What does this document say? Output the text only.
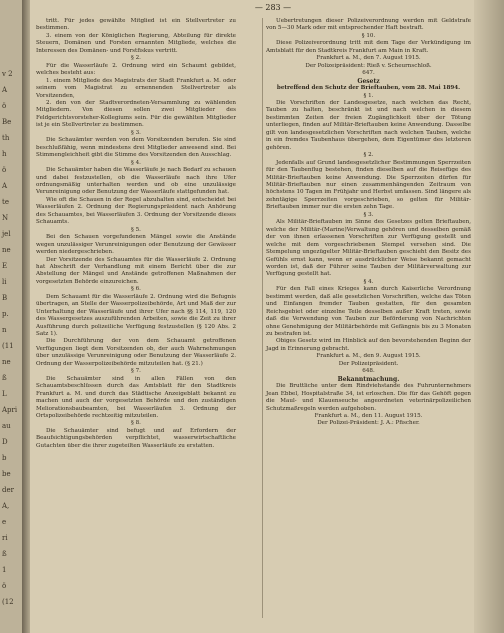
v 2
A
ö
Be
th
h
ö
A
te
N
jel
ne
E
li
B
p.
n
(11
ne
ß
L
Apri
au
D
b
be
der
A,
e
ri
ß
1
ö
(12
— 283 —

tritt. Für jedes gewählte Mitglied ist ein Stellvertreter zu bestimmen.

3. einem von der Königlichen Regierung, Abteilung für direkte Steuern, Domänen und Forsten ernannten Mitgliede, welches die Interessen des Domänen- und Forstfiskus vertritt.

§ 2.

Für die Wasserläufe 2. Ordnung wird ein Schaumt gebildet, welches besteht aus:

1. einem Mitgliede des Magistrats der Stadt Frankfurt a. M. oder seinem vom Magistrat zu ernennenden Stellvertreter als Vorsitzenden,

2. den von der Stadtverordneten-Versammlung zu wählenden Mitgliedern. Von diesen sollen zwei Mitglieder des Feldgerichtsvorsteher-Kollegiums sein. Für die gewählten Mitglieder ist je ein Stellvertreter zu bestimmen.

§ 3.

Die Schauämter werden von dem Vorsitzenden berufen. Sie sind beschlußfähig, wenn mindestens drei Mitglieder anwesend sind. Bei Stimmengleichheit gibt die Stimme des Vorsitzenden den Ausschlag.

§ 4.

Die Schauämter haben die Wasserläufe je nach Bedarf zu schauen und dabei festzustellen, ob die Wasserläufe nach ihre Ufer ordnungsmäßig unterhalten werden und ob eine unzulässige Verunreinigung oder Benutzung der Wasserläufe stattgefunden hat.

Wie oft die Schauen in der Regel abzuhalten sind, entscheidet bei Wasserläufen 2. Ordnung der Regierungspräsident nach Anhörung des Schauamtes, bei Wasserläufen 3. Ordnung der Vorsitzende dieses Schauamts.

§ 5.

Bei den Schauen vorgefundenen Mängel sowie die Anstände wegen unzulässiger Verunreinigungen oder Benutzung der Gewässer werden niedergeschrieben.

Der Vorsitzende des Schauamtes für die Wasserläufe 2. Ordnung hat Abschrift der Verhandlung mit einem Bericht über die zur Abstellung der Mängel und Anstände getroffenen Maßnahmen der vorgesetzten Behörde einzureichen.

§ 6.

Dem Schauamt für die Wasserläufe 2. Ordnung wird die Befugnis übertragen, an Stelle der Wasserpolizeibehörde, Art und Maß der zur Unterhaltung der Wasserläufe und ihrer Ufer nach §§ 114, 119, 120 des Wassergesetzes auszuführenden Arbeiten, sowie die Zeit zu ihrer Ausführung durch polizeiliche Verfügung festzustellen (§ 120 Abs. 2 Satz 1).

Die Durchführung der von dem Schauamt getroffenen Verfügungen liegt dem Vorsitzenden ob, der auch Wahrnehmungen über unzulässige Verunreinigung oder Benutzung der Wasserläufe 2. Ordnung der Wasserpolizeibehörde mitzuteilen hat. (§ 21.)

§ 7.

Die Schauämter sind in allen Fällen von den Schauamtsbeschlüssen durch das Amtsblatt für den Stadtkreis Frankfurt a. M. und durch das Städtische Anzeigeblatt bekannt zu machen und auch der vorgesetzten Behörde und den zuständigen Meliorationsbaubeamten, bei Wasserläufen 3. Ordnung der Ortspolizeibehörde rechtzeitig mitzuteilen.

§ 8.

Die Schauämter sind befugt und auf Erfordern der Beaufsichtigungsbehörden verpflichtet, wasserwirtschaftliche Gutachten über die ihrer zugeteilten Wasserläufe zu erstatten.

Uebertretungen dieser Polizeiverordnung werden mit Geldstrafe von 5—30 Mark oder mit entsprechender Haft bestraft.

§ 10.

Diese Polizeiverordnung tritt mit dem Tage der Verkündigung im Amtsblatt für den Stadtkreis Frankfurt am Main in Kraft.

Frankfurt a. M., den 7. August 1915.

Der Polizeipräsident: Rieß v. Scheurnschloß.

647.

Gesetz

betreffend den Schutz der Brieftauben, vom 28. Mai 1894.

§ 1.

Die Vorschriften der Landesgesetze, nach welchen das Recht, Tauben zu halten, beschränkt ist und nach welchen in diesem bestimmten Zeiten der freien Zugänglichkeit über der Tötung unterliegen, finden auf Militär-Brieftauben keine Anwendung. Dasselbe gilt von landesgesetzlichen Vorschriften nach welchen Tauben, welche in ein fremdes Taubenhaus übergehen, dem Eigentümer des letzteren gehören.

§ 2.

Jedenfalls auf Grund landesgesetzlicher Bestimmungen Sperrzeiten für den Taubenflug bestehen, finden dieselben auf die Reisefüge des Militär-Brieftauben keine Anwendung. Die Sperrzeiten dürfen für Militär-Brieftauben nur einen zusammenhängenden Zeitraum von höchstens 10 Tagen im Frühjahr und Herbst umfassen. Sind längere als zehntägige Sperrzeiten vorgeschrieben, so gelten für Militär-Brieftauben immer nur die ersten zehn Tage.

§ 3.

Als Militär-Brieftauben im Sinne des Gesetzes gelten Brieftauben, welche der Militär-(Marine)Verwaltung gehören und desselben gemäß der von ihnen erlassenen Vorschriften zur Verfügung gestellt und welche mit dem vorgeschriebenen Stempel versehen sind. Die Stempelung ungezügelter Militär-Brieftauben geschieht den Besitz des Gefühls ernst kann, wenn er ausdrücklicher Weise bekannt gemacht worden ist, daß der Führer seine Tauben der Militärverwaltung zur Verfügung gestellt hat.

§ 4.

Für den Fall eines Krieges kann durch Kaiserliche Verordnung bestimmt werden, daß alle gesetzlichen Vorschriften, welche das Töten und Einfangen fremder Tauben gestatten, für den gesamten Reichsgebiet oder einzelne Teile desselben außer Kraft treten, sowie daß die Verwendung von Tauben zur Beförderung von Nachrichten ohne Genehmigung der Militärbehörde mit Gefängnis bis zu 3 Monaten zu bestrafen ist.

Obiges Gesetz wird im Hinblick auf den bevorstehenden Beginn der Jagd in Erinnerung gebracht.

Frankfurt a. M., den 9. August 1915.

Der Polizeipräsident.

648.

Bekanntmachung.

Die Bruttliche unter dem Rindviehstande des Fuhrunternehmers Jean Ebbel, Hospitalstraße 34, ist erloschen. Die für das Gehöft gegen die Maul- und Klauenseuche angeordneten veterinärpolizeilichen Schutzmaßregeln werden aufgehoben.

Frankfurt a. M., den 11. August 1915.

Der Polizei-Präsident: J. A.: Pfischer.
